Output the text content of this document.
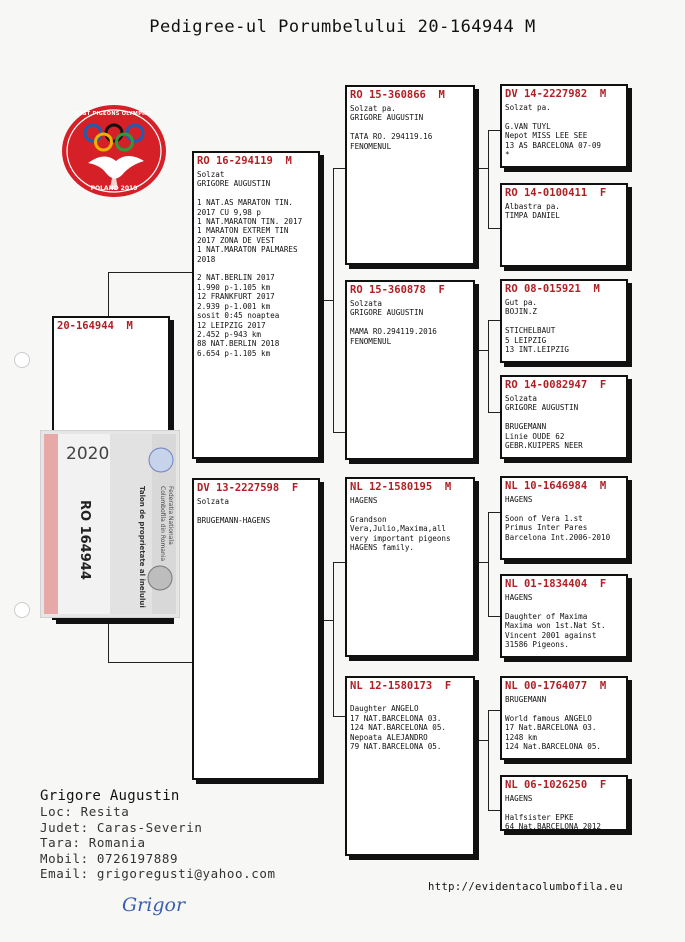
Pedigree-ul Porumbelului 20-164944 M
20-164944  M
RO 16-294119  M
Solzat
GRIGORE AUGUSTIN

1 NAT.AS MARATON TIN.
2017 CU 9,98 p
1 NAT.MARATON TIN. 2017
1 MARATON EXTREM TIN
2017 ZONA DE VEST
1 NAT.MARATON PALMARES
2018

2 NAT.BERLIN 2017
1.990 p-1.105 km
12 FRANKFURT 2017
2.939 p-1.001 km
sosit 0:45 noaptea
12 LEIPZIG 2017
2.452 p-943 km
88 NAT.BERLIN 2018
6.654 p-1.105 km
DV 13-2227598  F
Solzata

BRUGEMANN-HAGENS
RO 15-360866  M
Solzat pa.
GRIGORE AUGUSTIN

TATA RO. 294119.16
FENOMENUL
RO 15-360878  F
Solzata
GRIGORE AUGUSTIN

MAMA RO.294119.2016
FENOMENUL
NL 12-1580195  M
HAGENS

Grandson
Vera,Julio,Maxima,all
very important pigeons
HAGENS family.
NL 12-1580173  F

Daughter ANGELO
17 NAT.BARCELONA 03.
124 NAT.BARCELONA 05.
Nepoata ALEJANDRO
79 NAT.BARCELONA 05.
DV 14-2227982  M
Solzat pa.

G.VAN TUYL
Nepot MISS LEE SEE
13 AS BARCELONA 07-09
*
RO 14-0100411  F
Albastra pa.
TIMPA DANIEL
RO 08-015921  M
Gut pa.
BOJIN.Z

STICHELBAUT
5 LEIPZIG
13 INT.LEIPZIG
RO 14-0082947  F
Solzata
GRIGORE AUGUSTIN

BRUGEMANN
Linie OUDE 62
GEBR.KUIPERS NEER
NL 10-1646984  M
HAGENS

Soon of Vera 1.st
Primus Inter Pares
Barcelona Int.2006-2010
NL 01-1834404  F
HAGENS

Daughter of Maxima
Maxima won 1st.Nat St.
Vincent 2001 against
31586 Pigeons.
NL 00-1764077  M
BRUGEMANN

World famous ANGELO
17 Nat.BARCELONA 03.
1248 km
124 Nat.BARCELONA 05.
NL 06-1026250  F
HAGENS

Halfsister EPKE
64 Nat.BARCELONA 2012
BEST PIGEONS OLYMPIAD
POLAND 2019
2020
RO 164944	Talon de proprietate al inelului	Federatia Nationala
Columbofila din Romania
Grigore Augustin
Loc: Resita
Judet: Caras-Severin
Tara: Romania
Mobil: 0726197889
Email: grigoregusti@yahoo.com
http://evidentacolumbofila.eu
Grigor
